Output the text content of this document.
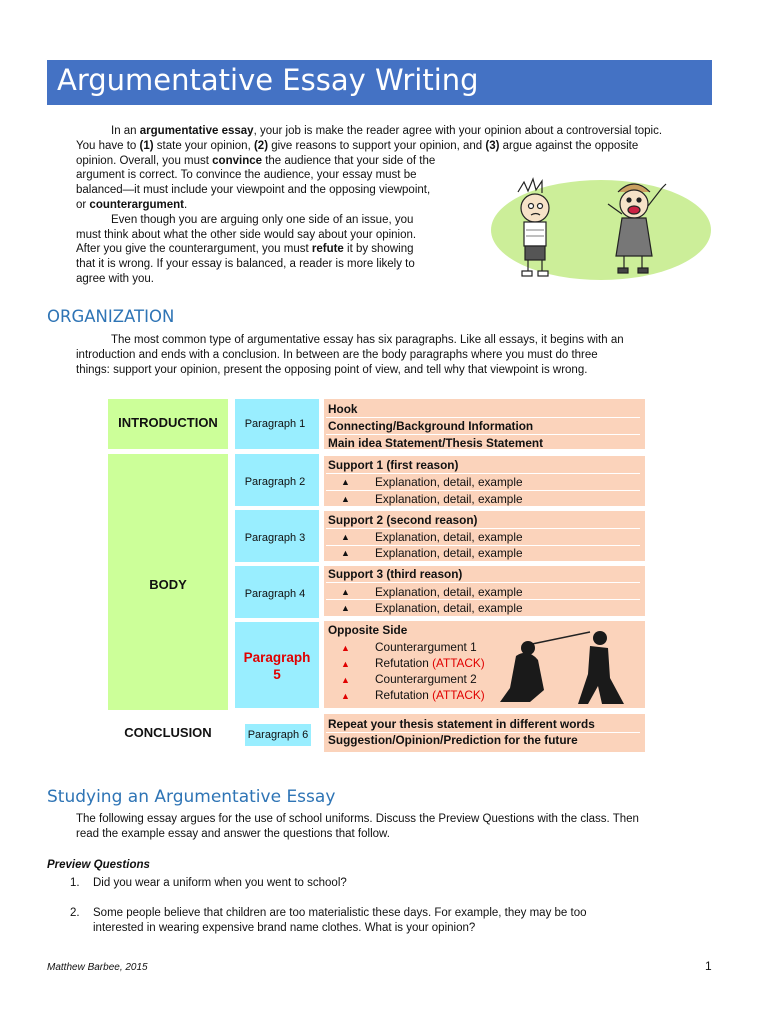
Argumentative Essay Writing
In an argumentative essay, your job is make the reader agree with your opinion about a controversial topic.
You have to (1) state your opinion, (2) give reasons to support your opinion, and (3) argue against the opposite
opinion. Overall, you must convince the audience that your side of the
argument is correct. To convince the audience, your essay must be
balanced—it must include your viewpoint and the opposing viewpoint,
or counterargument.
Even though you are arguing only one side of an issue, you
must think about what the other side would say about your opinion.
After you give the counterargument, you must refute it by showing
that it is wrong. If your essay is balanced, a reader is more likely to
agree with you.
ORGANIZATION
The most common type of argumentative essay has six paragraphs. Like all essays, it begins with an
introduction and ends with a conclusion. In between are the body paragraphs where you must do three
things: support your opinion, present the opposing point of view, and tell why that viewpoint is wrong.
INTRODUCTION
BODY
CONCLUSION
Paragraph 1
Paragraph 2
Paragraph 3
Paragraph 4
Paragraph
5
Paragraph 6
Hook
Connecting/Background Information
Main idea Statement/Thesis Statement
Support 1 (first reason)
▲ Explanation, detail, example
▲ Explanation, detail, example
Support 2 (second reason)
▲ Explanation, detail, example
▲ Explanation, detail, example
Support 3 (third reason)
▲ Explanation, detail, example
▲ Explanation, detail, example
Opposite Side
▲ Counterargument 1
▲ Refutation (ATTACK)
▲ Counterargument 2
▲ Refutation (ATTACK)
Repeat your thesis statement in different words
Suggestion/Opinion/Prediction for the future
Studying an Argumentative Essay
The following essay argues for the use of school uniforms. Discuss the Preview Questions with the class. Then
read the example essay and answer the questions that follow.
Preview Questions
1. Did you wear a uniform when you went to school?
2. Some people believe that children are too materialistic these days. For example, they may be too
interested in wearing expensive brand name clothes. What is your opinion?
Matthew Barbee, 2015	1
